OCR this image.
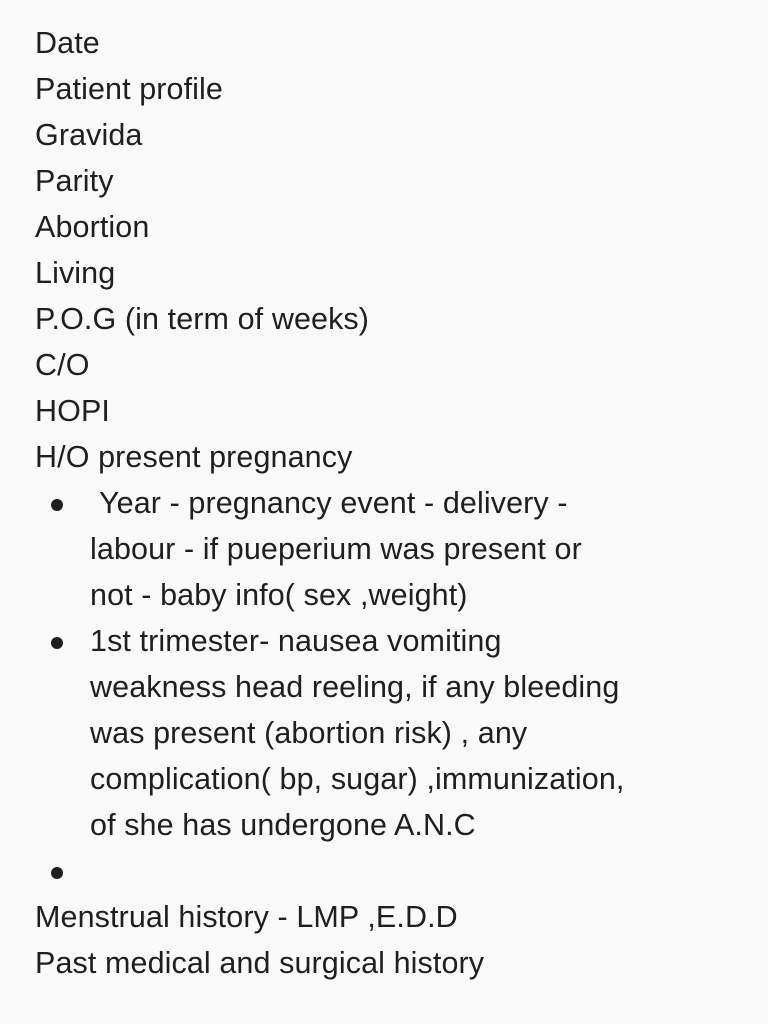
Date
Patient profile
Gravida
Parity
Abortion
Living
P.O.G (in term of weeks)
C/O
HOPI
H/O present pregnancy
Year - pregnancy event - delivery -
labour - if pueperium was present or
not - baby info( sex ,weight)
1st trimester- nausea vomiting
weakness head reeling, if any bleeding
was present (abortion risk) , any
complication( bp, sugar) ,immunization,
of she has undergone A.N.C
Menstrual history - LMP ,E.D.D
Past medical and surgical history
